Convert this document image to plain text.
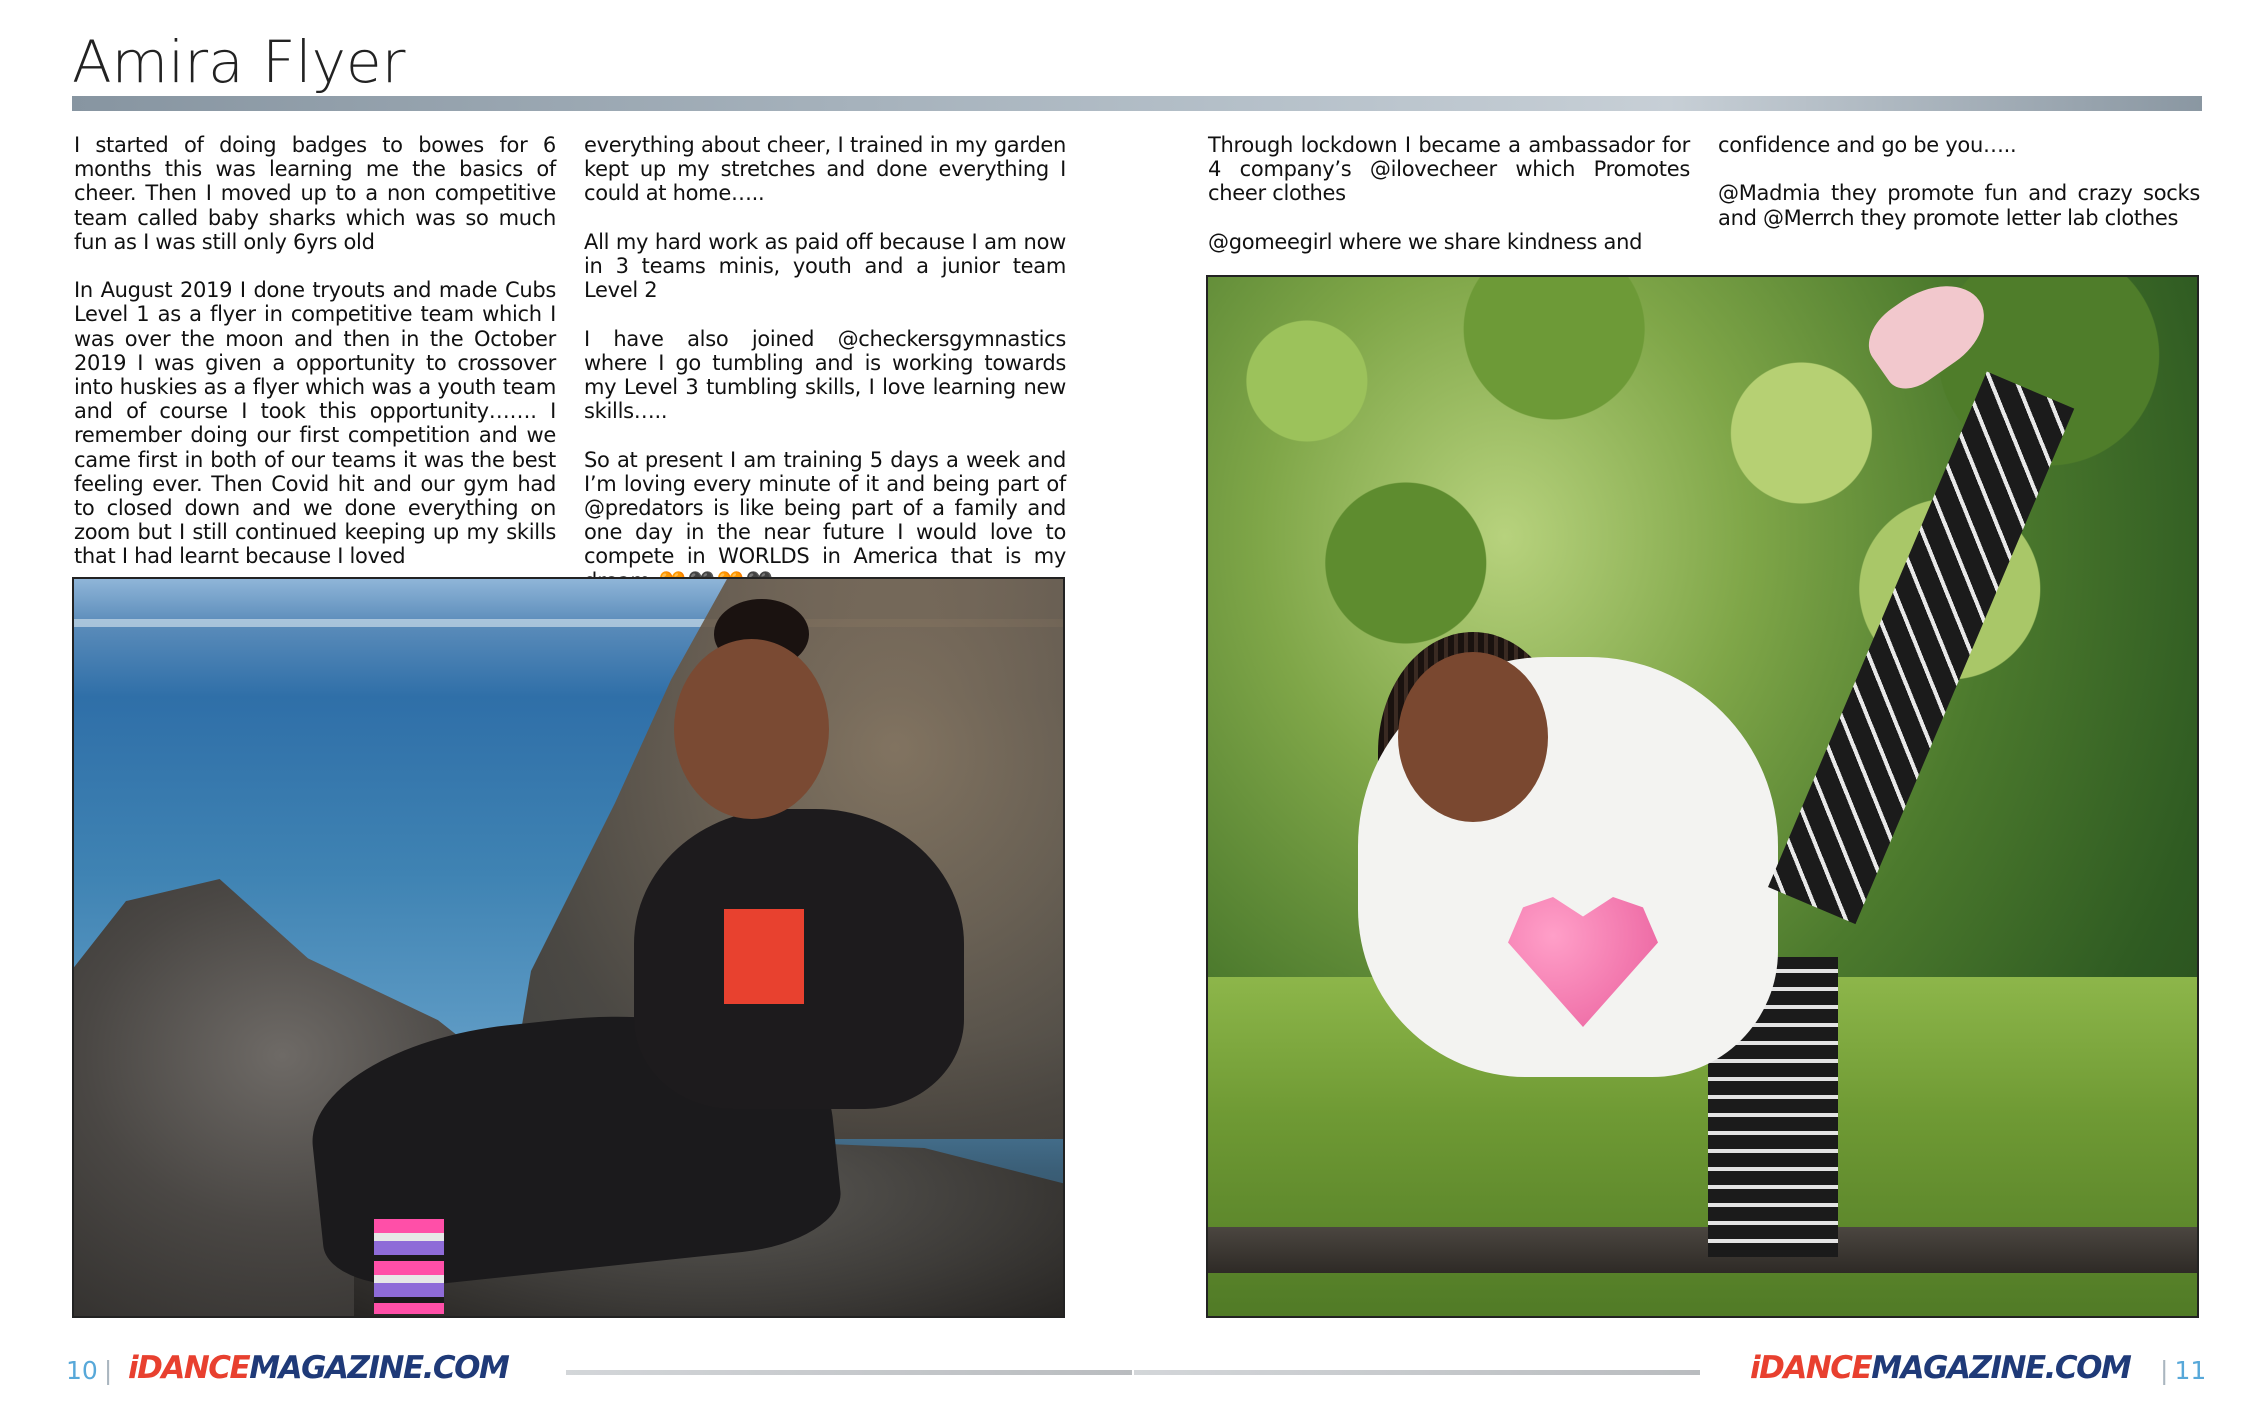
Amira Flyer

I started of doing badges to bowes for 6 months this was learning me the basics of cheer. Then I moved up to a non competitive team called baby sharks which was so much fun as I was still only 6yrs old

In August 2019 I done tryouts and made Cubs Level 1 as a flyer in competitive team which I was over the moon and then in the October 2019 I was given a opportunity to crossover into huskies as a flyer which was a youth team and of course I took this opportunity……. I remember doing our first competition and we came first in both of our teams it was the best feeling ever. Then Covid hit and our gym had to closed down and we done everything on zoom but I still continued keeping up my skills that I had learnt because I loved

everything about cheer, I trained in my garden kept up my stretches and done everything I could at home…..

All my hard work as paid off because I am now in 3 teams minis, youth and a junior team Level 2

I have also joined @checkersgymnastics where I go tumbling and is working towards my Level 3 tumbling skills, I love learning new skills…..

So at present I am training 5 days a week and I’m loving every minute of it and being part of @predators is like being part of a family and one day in the near future I would love to compete in WORLDS in America that is my

Through lockdown I became a ambassador for 4 company’s @ilovecheer which Promotes cheer clothes

@gomeegirl where we share kindness and

confidence and go be you…..

@Madmia they promote fun and crazy socks and @Merrch they promote letter lab clothes

10 | iDANCEMAGAZINE.COM	iDANCEMAGAZINE.COM | 11
